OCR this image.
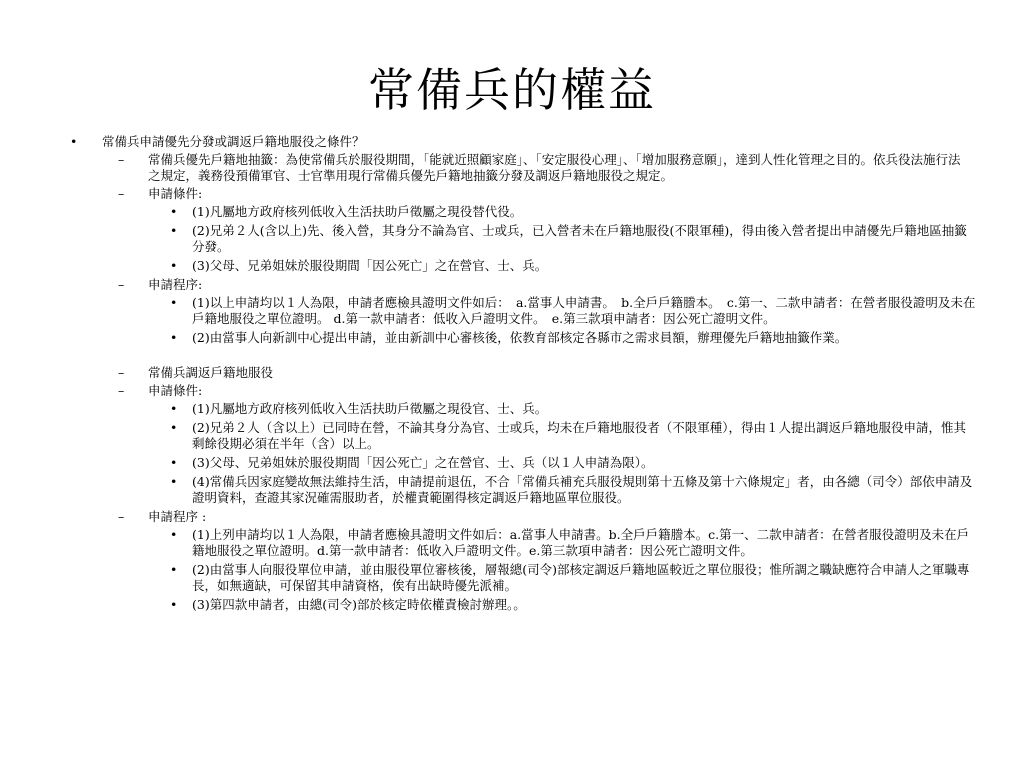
常備兵的權益

• 常備兵申請優先分發或調返戶籍地服役之條件？

– 常備兵優先戶籍地抽籤：為使常備兵於服役期間，「能就近照顧家庭」、「安定服役心理」、「增加服務意願」，達到人性化管理之目的。依兵役法施行法之規定，義務役預備軍官、士官準用現行常備兵優先戶籍地抽籤分發及調返戶籍地服役之規定。

– 申請條件:

• (1)凡屬地方政府核列低收入生活扶助戶徵屬之現役替代役。

• (2)兄弟２人(含以上)先、後入營，其身分不論為官、士或兵，已入營者未在戶籍地服役(不限軍種)，得由後入營者提出申請優先戶籍地區抽籤分發。

• (3)父母、兄弟姐妹於服役期間「因公死亡」之在營官、士、兵。

– 申請程序:

• (1)以上申請均以１人為限，申請者應檢具證明文件如后：　a.當事人申請書。　b.全戶戶籍謄本。　c.第一、二款申請者：在營者服役證明及未在戶籍地服役之單位證明。 d.第一款申請者：低收入戶證明文件。　e.第三款項申請者：因公死亡證明文件。

• (2)由當事人向新訓中心提出申請，並由新訓中心審核後，依教育部核定各縣市之需求員額，辦理優先戶籍地抽籤作業。

– 常備兵調返戶籍地服役

– 申請條件:

• (1)凡屬地方政府核列低收入生活扶助戶徵屬之現役官、士、兵。

• (2)兄弟２人（含以上）已同時在營，不論其身分為官、士或兵，均未在戶籍地服役者（不限軍種），得由１人提出調返戶籍地服役申請，惟其剩餘役期必須在半年（含）以上。

• (3)父母、兄弟姐妹於服役期間「因公死亡」之在營官、士、兵（以１人申請為限）。

• (4)常備兵因家庭變故無法維持生活，申請提前退伍，不合「常備兵補充兵服役規則第十五條及第十六條規定」者，由各總（司令）部依申請及證明資料，查證其家況確需服助者，於權責範圍得核定調返戶籍地區單位服役。

– 申請程序 :

• (1)上列申請均以１人為限，申請者應檢具證明文件如后：a.當事人申請書。b.全戶戶籍謄本。c.第一、二款申請者：在營者服役證明及未在戶籍地服役之單位證明。d.第一款申請者：低收入戶證明文件。e.第三款項申請者：因公死亡證明文件。

• (2)由當事人向服役單位申請，並由服役單位審核後，層報總(司令)部核定調返戶籍地區較近之單位服役；惟所調之職缺應符合申請人之軍職專長，如無適缺，可保留其申請資格，俟有出缺時優先派補。

• (3)第四款申請者，由總(司令)部於核定時依權責檢討辦理。。
